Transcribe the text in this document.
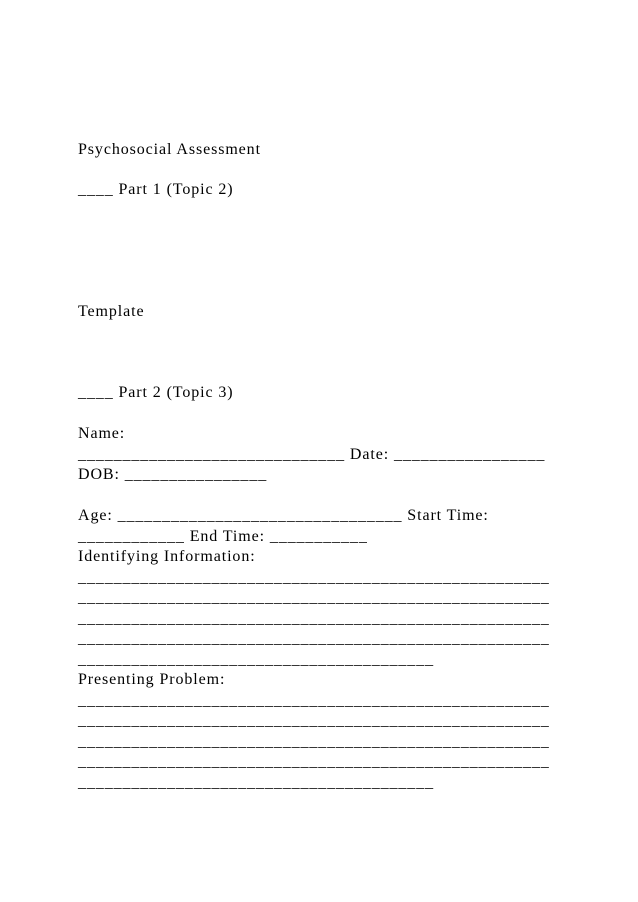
Psychosocial Assessment

____ Part 1 (Topic 2)

Template

____ Part 2 (Topic 3)

Name:

______________________________ Date: _________________

DOB: ________________

Age: ________________________________ Start Time:

____________ End Time: ___________

Identifying Information:

_____________________________________________________

_____________________________________________________

_____________________________________________________

_____________________________________________________

________________________________________

Presenting Problem:

_____________________________________________________

_____________________________________________________

_____________________________________________________

_____________________________________________________

________________________________________
